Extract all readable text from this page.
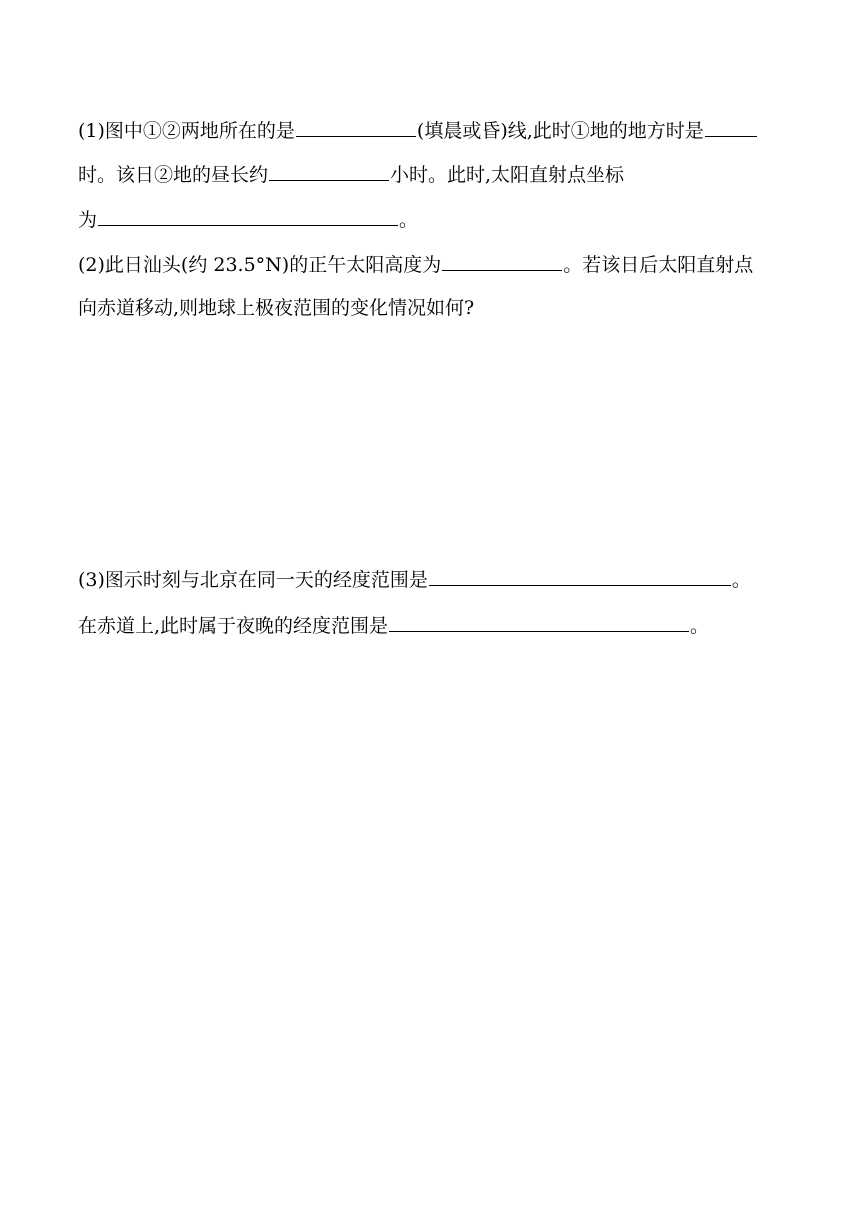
(1)图中①②两地所在的是	(填晨或昏)线,此时①地的地方时是
时。该日②地的昼长约	小时。此时,太阳直射点坐标
为	。
(2)此日汕头(约 23.5°N)的正午太阳高度为	。若该日后太阳直射点
向赤道移动,则地球上极夜范围的变化情况如何?
(3)图示时刻与北京在同一天的经度范围是	。
在赤道上,此时属于夜晚的经度范围是	。
